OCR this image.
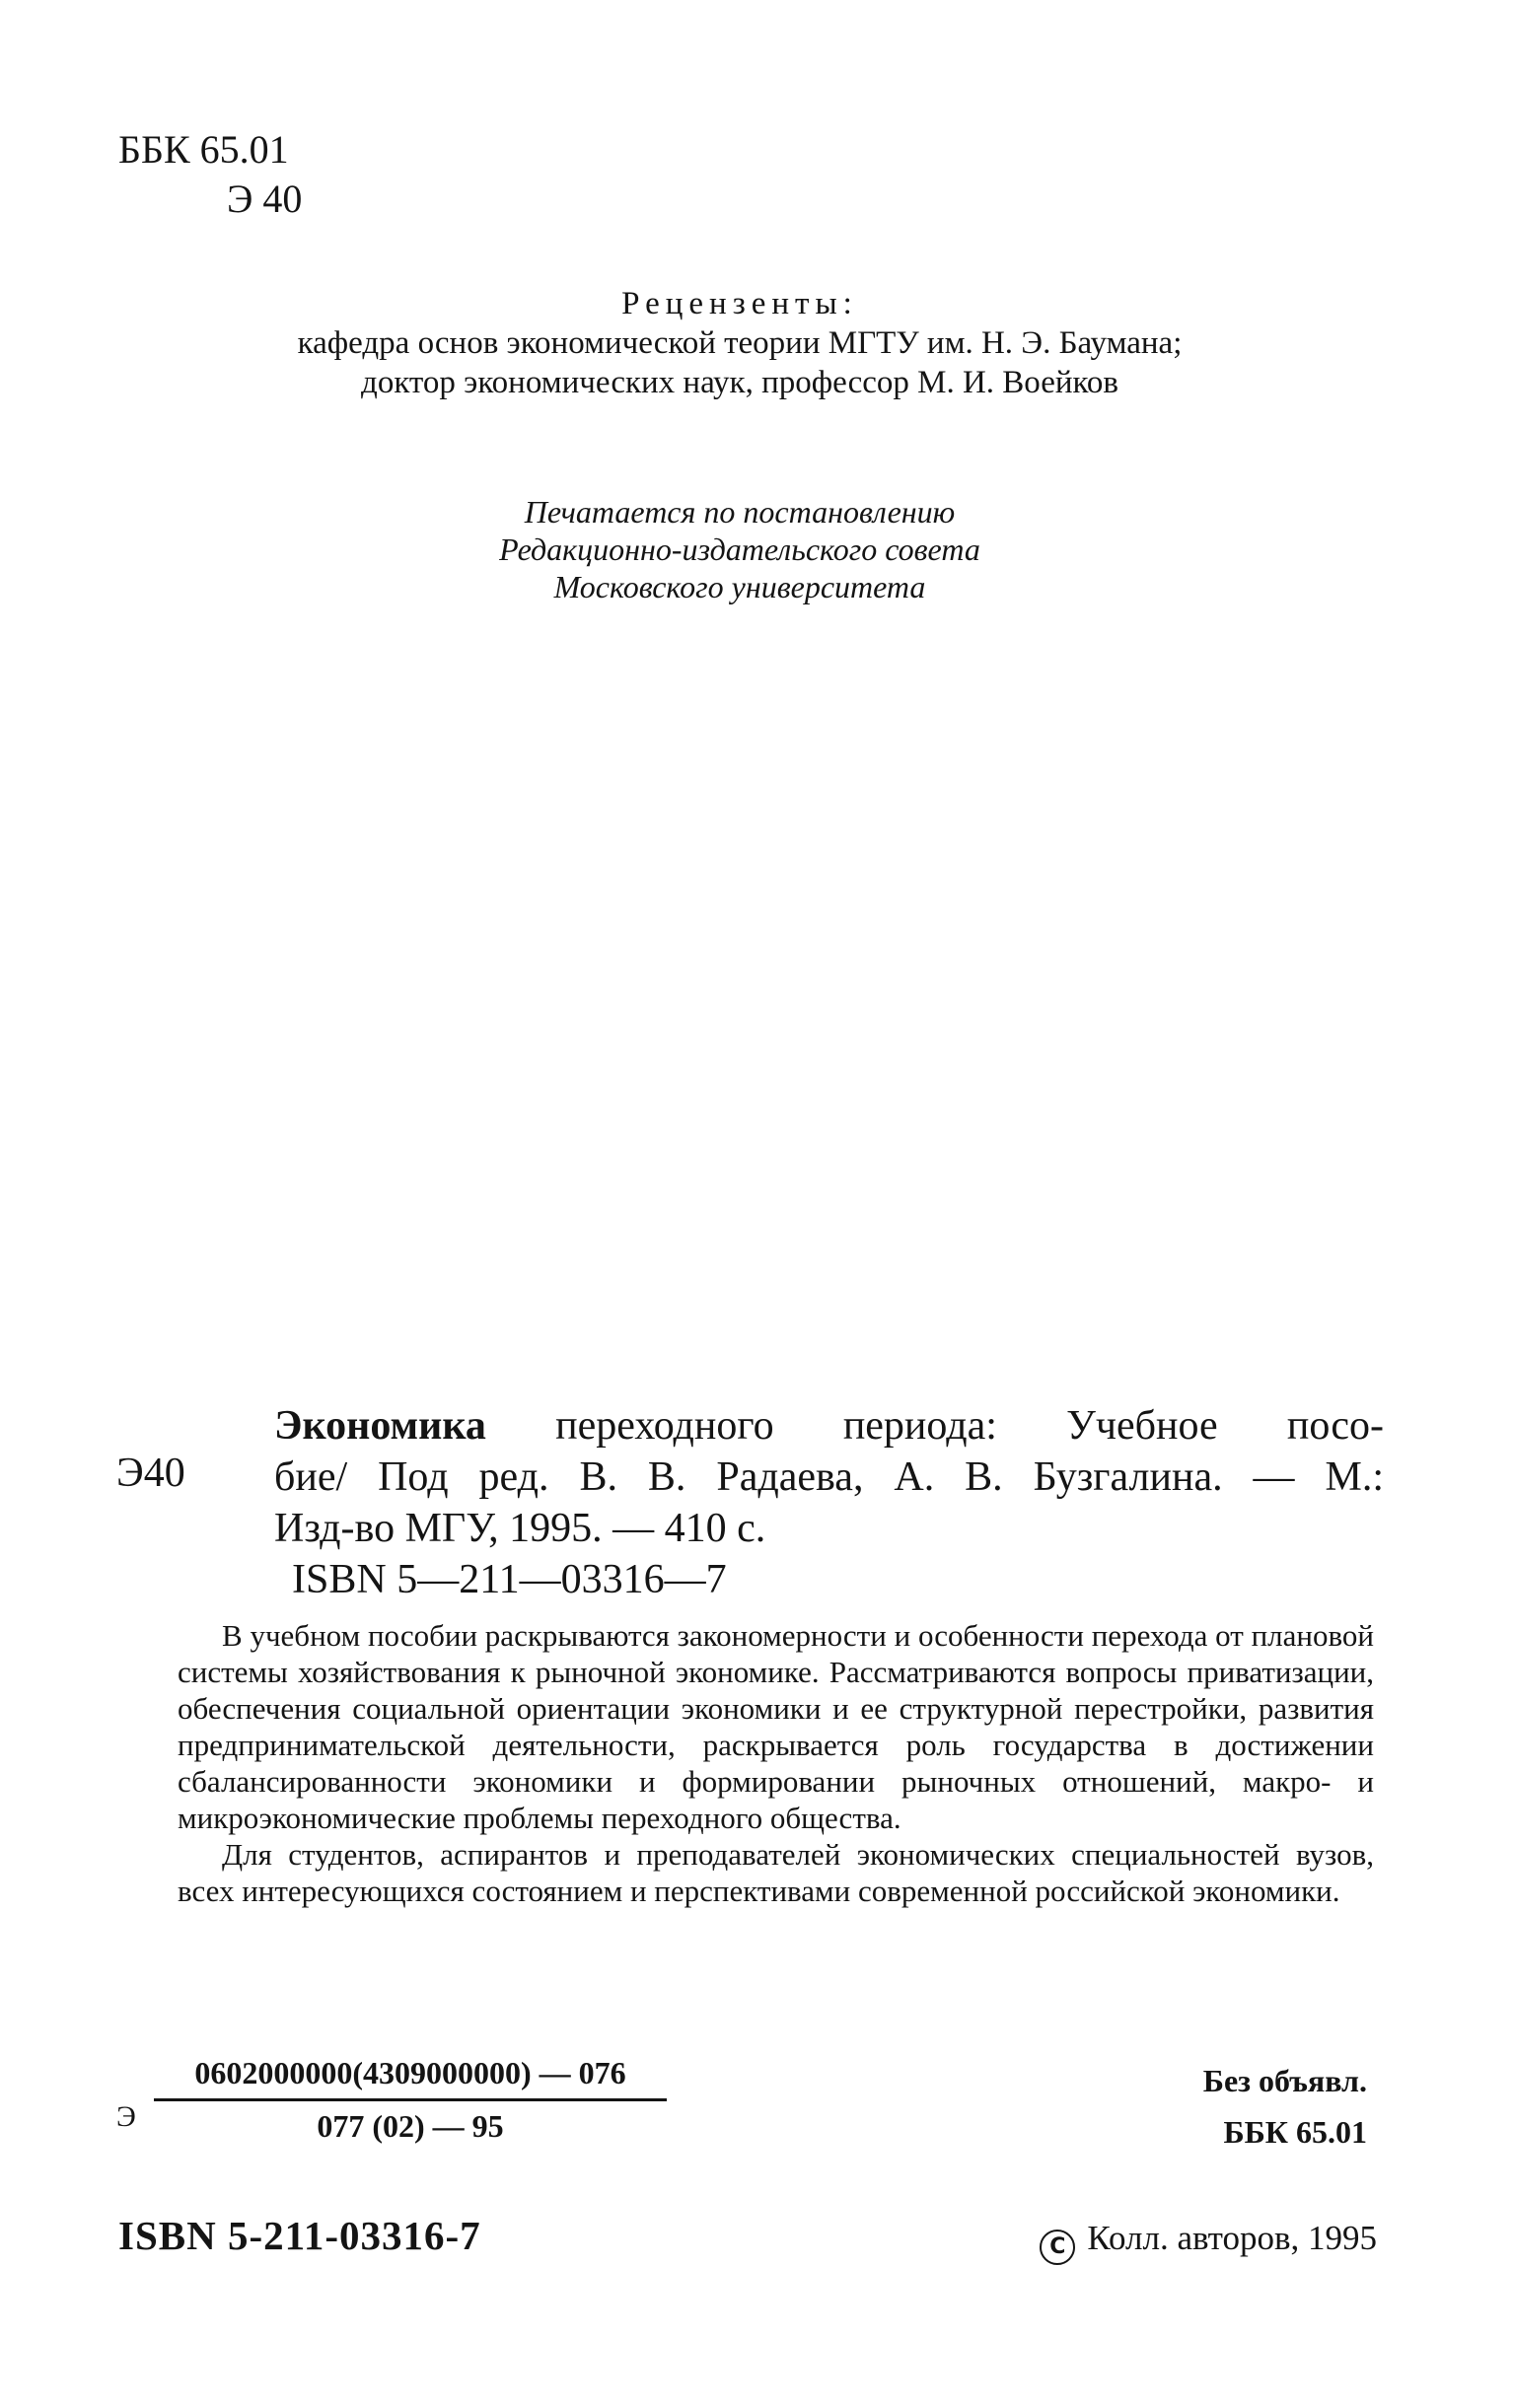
ББК 65.01
Э 40
Рецензенты:
кафедра основ экономической теории МГТУ им. Н. Э. Баумана;
доктор экономических наук, профессор М. И. Воейков
Печатается по постановлению
Редакционно-издательского совета
Московского университета
Э40
Экономика переходного периода: Учебное посо-
бие/ Под ред. В. В. Радаева, А. В. Бузгалина. — М.:
Изд-во МГУ, 1995. — 410 с.
ISBN 5—211—03316—7

В учебном пособии раскрываются закономерности и особенности перехода от плановой системы хозяйствования к рыночной экономике. Рассматриваются вопросы приватизации, обеспечения социальной ориентации экономики и ее структурной перестройки, развития предпринимательской деятельности, раскрывается роль государства в достижении сбалансированности экономики и формировании рыночных отношений, макро- и микроэкономические проблемы переходного общества.

Для студентов, аспирантов и преподавателей экономических специальностей вузов, всех интересующихся состоянием и перспективами современной российской экономики.

Э
0602000000(4309000000) — 076
077 (02) — 95
Без объявл.
ББК 65.01
ISBN 5-211-03316-7	C Колл. авторов, 1995
